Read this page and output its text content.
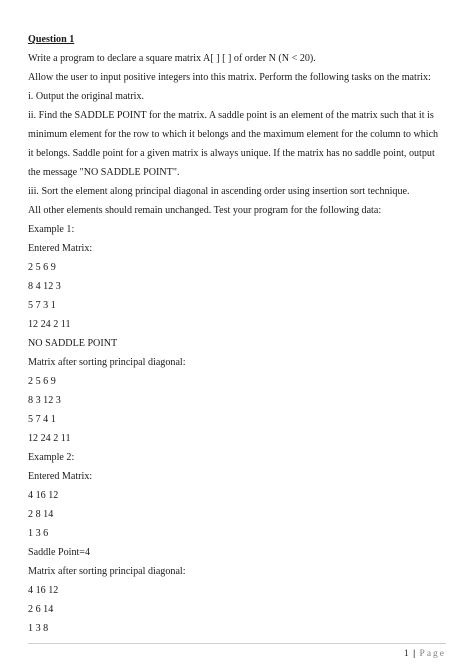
Question 1
Write a program to declare a square matrix A[ ] [ ] of order N (N < 20).
Allow the user to input positive integers into this matrix. Perform the following tasks on the matrix:
i. Output the original matrix.
ii. Find the SADDLE POINT for the matrix. A saddle point is an element of the matrix such that it is
minimum element for the row to which it belongs and the maximum element for the column to which
it belongs. Saddle point for a given matrix is always unique. If the matrix has no saddle point, output
the message "NO SADDLE POINT".
iii. Sort the element along principal diagonal in ascending order using insertion sort technique.
All other elements should remain unchanged. Test your program for the following data:
Example 1:
Entered Matrix:
2 5 6 9
8 4 12 3
5 7 3 1
12 24 2 11
NO SADDLE POINT
Matrix after sorting principal diagonal:
2 5 6 9
8 3 12 3
5 7 4 1
12 24 2 11
Example 2:
Entered Matrix:
4 16 12
2 8 14
1 3 6
Saddle Point=4
Matrix after sorting principal diagonal:
4 16 12
2 6 14
1 3 8
1 | Page
